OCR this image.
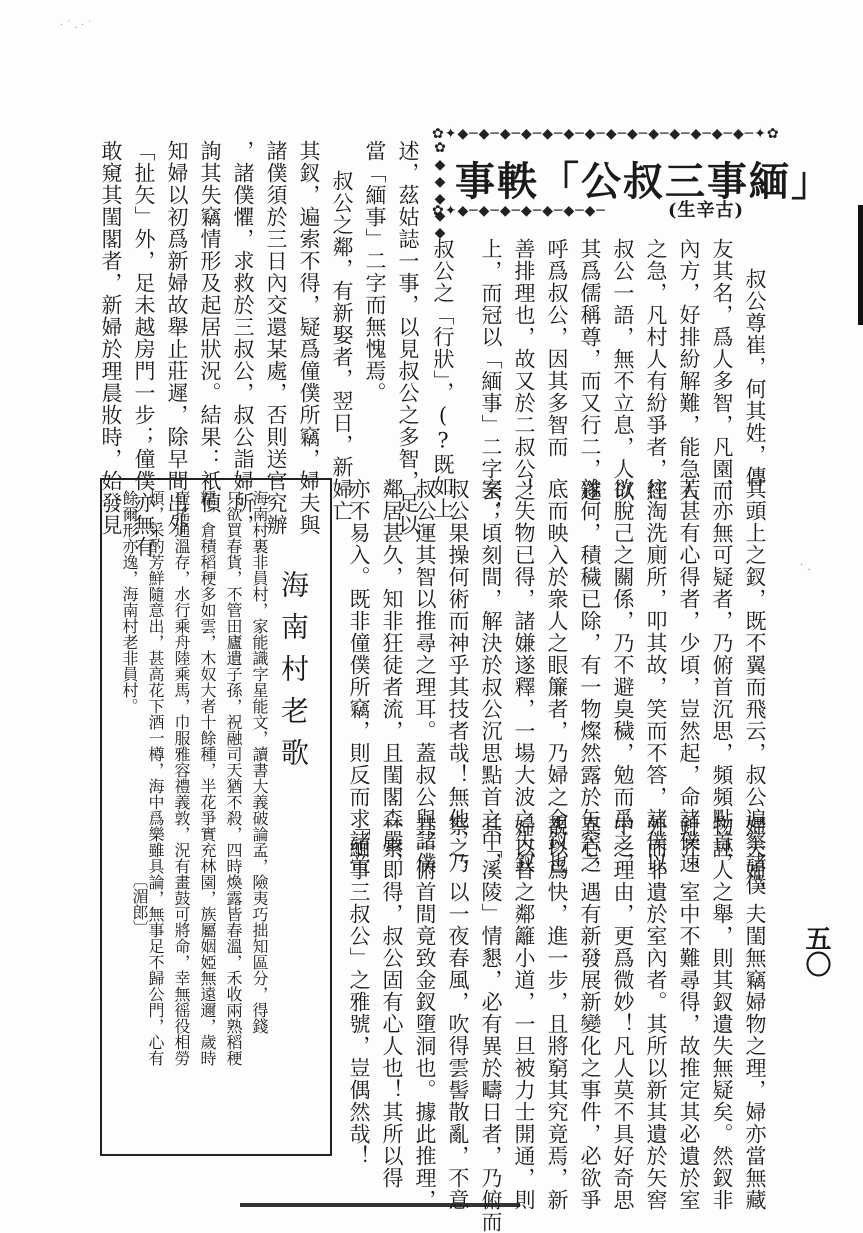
· ˙ . · ˙
· ¸
五〇
✿✦◆─◆─◆─◆─◆─◆─◆─◆─◆─◆─◆─◆─◆─◆─✦✿
✿◆◆◆◆◆
✿✦◆─◆─◆─◆─◆─◆─◆─
事軼「公叔三事緬」
(生辛古)
叔公尊崔，何其姓，傳
友其名，爲人多智，凡園而
內方，好排紛解難，能急人
之急，凡村人有紛爭者，經
叔公一語，無不立息，人以
其爲儒稱尊，而又行二，遂
呼爲叔公，因其多智而
善排理也，故又於二叔公之
上，而冠以「緬事」二字云；
叔公之「行狀」，(?既如上
述，茲姑誌一事，以見叔公之多智，足以
當「緬事」二字而無愧焉。
叔公之鄰，有新娶者，翌日，新婦亡
其釵，遍索不得，疑爲僮僕所竊，婦夫與
諸僕須於三日內交還某處，否則送官究辦
，諸僕懼，求救於三叔公，叔公詣婦所，
詢其失竊情形及起居狀況。結果：祇偵
知婦以初爲新婦故舉止莊遲，除早間出外
「扯矢」外，足未越房門一步；僮僕亦無有
敢窺其閨閣者，新婦於理晨妝時，始發見
其頭上之釵，既不翼而飛云，叔公遍察諸僕
，亦無可疑者，乃俯首沉思，頻頻點首，
若甚有心得者，少頃，豈然起，命諸僕速
往淘洗廁所，叩其故，笑而不答，諸僕以
欲脫己之關係，乃不避臭穢，勉而爲之，
雜何，積穢已除，有一物燦然露於矢窖之
底而映入於衆人之眼簾者，乃婦之金釵也
！失物已得，諸嫌遂釋，一場大波之失釵
案，頃刻間，解決於叔公沉思點首之中，
叔公果操何術而神乎其技者哉！無他，乃
叔公運其智以推尋之理耳。蓋叔公與諸僕
鄰居甚久，知非狂徒者流，且閨閣森嚴，
亦不易入。既非僮僕所竊，則反而求諸帝
婦夫婦，夫閨無竊婦物之理，婦亦當無藏
物誣人之舉，則其釵遺失無疑矣。然釵非
針芥，室中不難尋得，故推定其必遺於室
外而非遺於室內者。其所以新其遺於矢窖
中之理由，更爲微妙！凡人莫不具好奇思
異心，遇有新發展新變化之事件，必欲爭
覩以爲快，進一步，且將窮其究竟焉，新
婦以昔之鄰籬小道，一旦被力士開通，則
其「溪陵」情懇，必有異於疇日者，乃俯而
察之，以一夜春風，吹得雲髻散亂，不意
其一俯首間竟致金釵墮洞也。據此推理，
一索即得，叔公固有心人也！其所以得
「緬事三叔公」之雅號，豈偶然哉！
海南村老歌
海南村裏非員村，家能識字星能文，讀書大義破論孟，險夷巧拙知區分，得錢
只欲買春貨，不管田廬遺子孫，祝融司天猶不殺，四時煥露皆春溫，禾收兩熟稻稉
糯，倉積稻稉多如雲，木奴大者十餘種，半花爭實充林園，族屬姻婭無遠邇，歲時
壺搖通溫存，水行乘舟陸乘馬，巾服雅容禮義敦，況有畫鼓可將命，幸無徭役相勞
煩，采酌芳鮮隨意出，甚高花下酒一樽，海中爲樂雖具論，無事足不歸公門，心有
餘爾形亦逸，海南村老非員村。
〔湄郎〕
